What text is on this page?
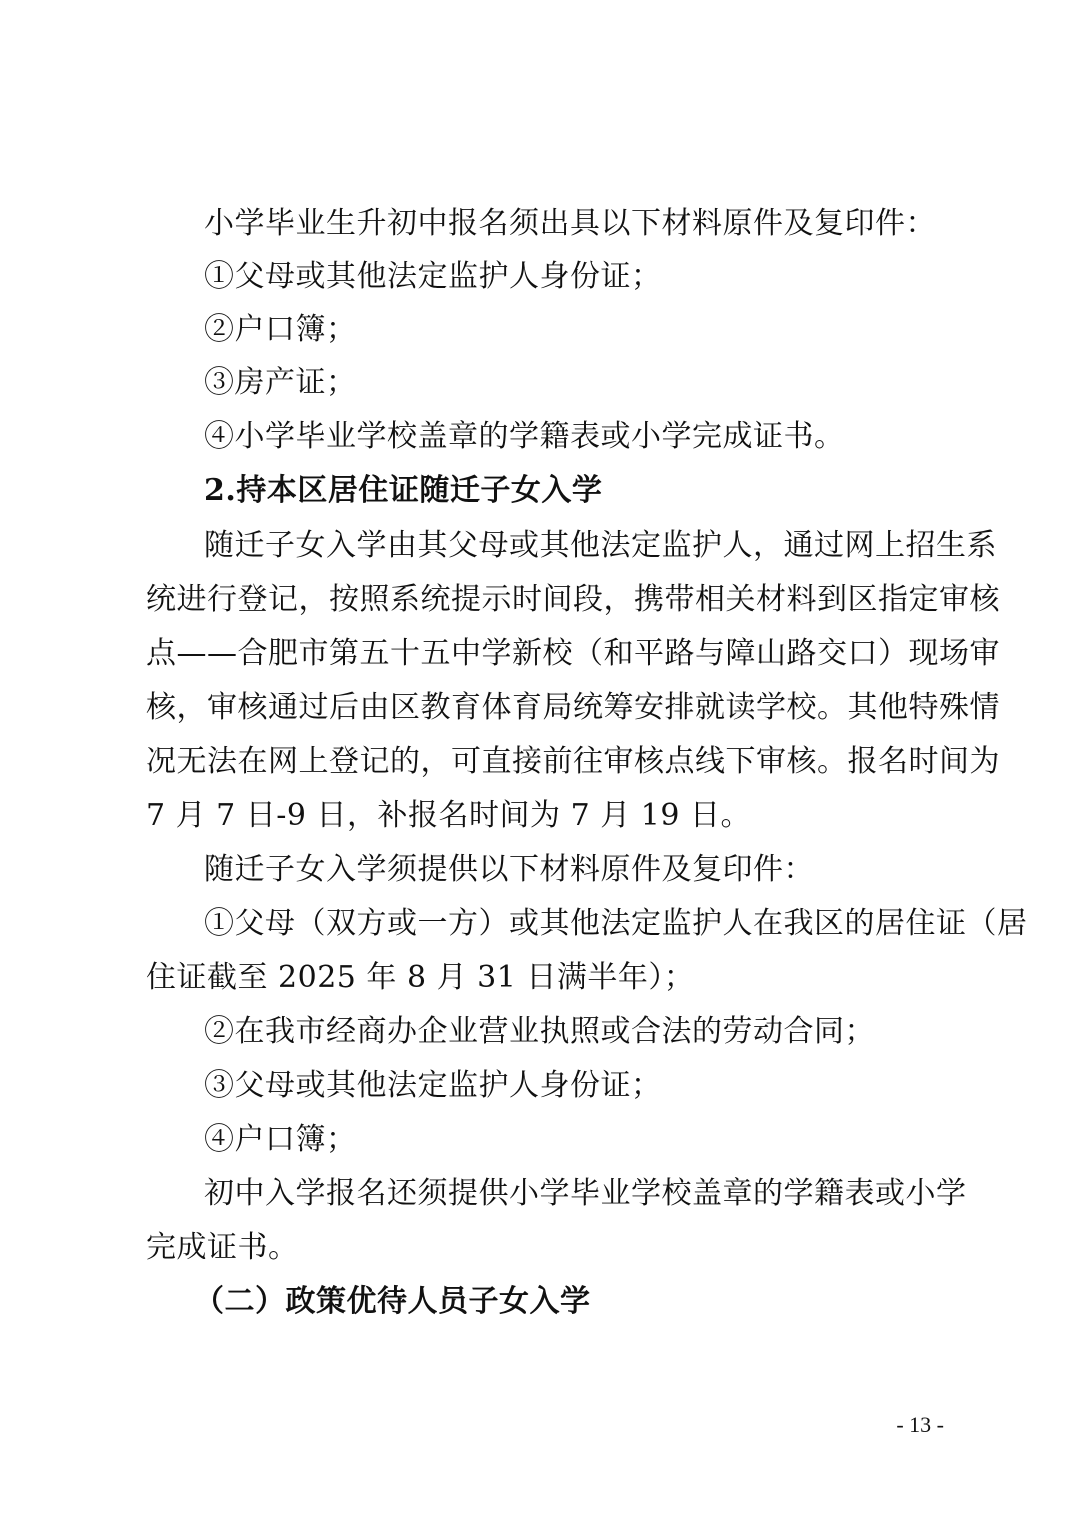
小学毕业生升初中报名须出具以下材料原件及复印件：
①父母或其他法定监护人身份证；
②户口簿；
③房产证；
④小学毕业学校盖章的学籍表或小学完成证书。
2.持本区居住证随迁子女入学
随迁子女入学由其父母或其他法定监护人，通过网上招生系
统进行登记，按照系统提示时间段，携带相关材料到区指定审核
点——合肥市第五十五中学新校（和平路与障山路交口）现场审
核，审核通过后由区教育体育局统筹安排就读学校。其他特殊情
况无法在网上登记的，可直接前往审核点线下审核。报名时间为
7 月 7 日-9 日，补报名时间为 7 月 19 日。
随迁子女入学须提供以下材料原件及复印件：
①父母（双方或一方）或其他法定监护人在我区的居住证（居
住证截至 2025 年 8 月 31 日满半年）；
②在我市经商办企业营业执照或合法的劳动合同；
③父母或其他法定监护人身份证；
④户口簿；
初中入学报名还须提供小学毕业学校盖章的学籍表或小学
完成证书。
（二）政策优待人员子女入学
- 13 -
